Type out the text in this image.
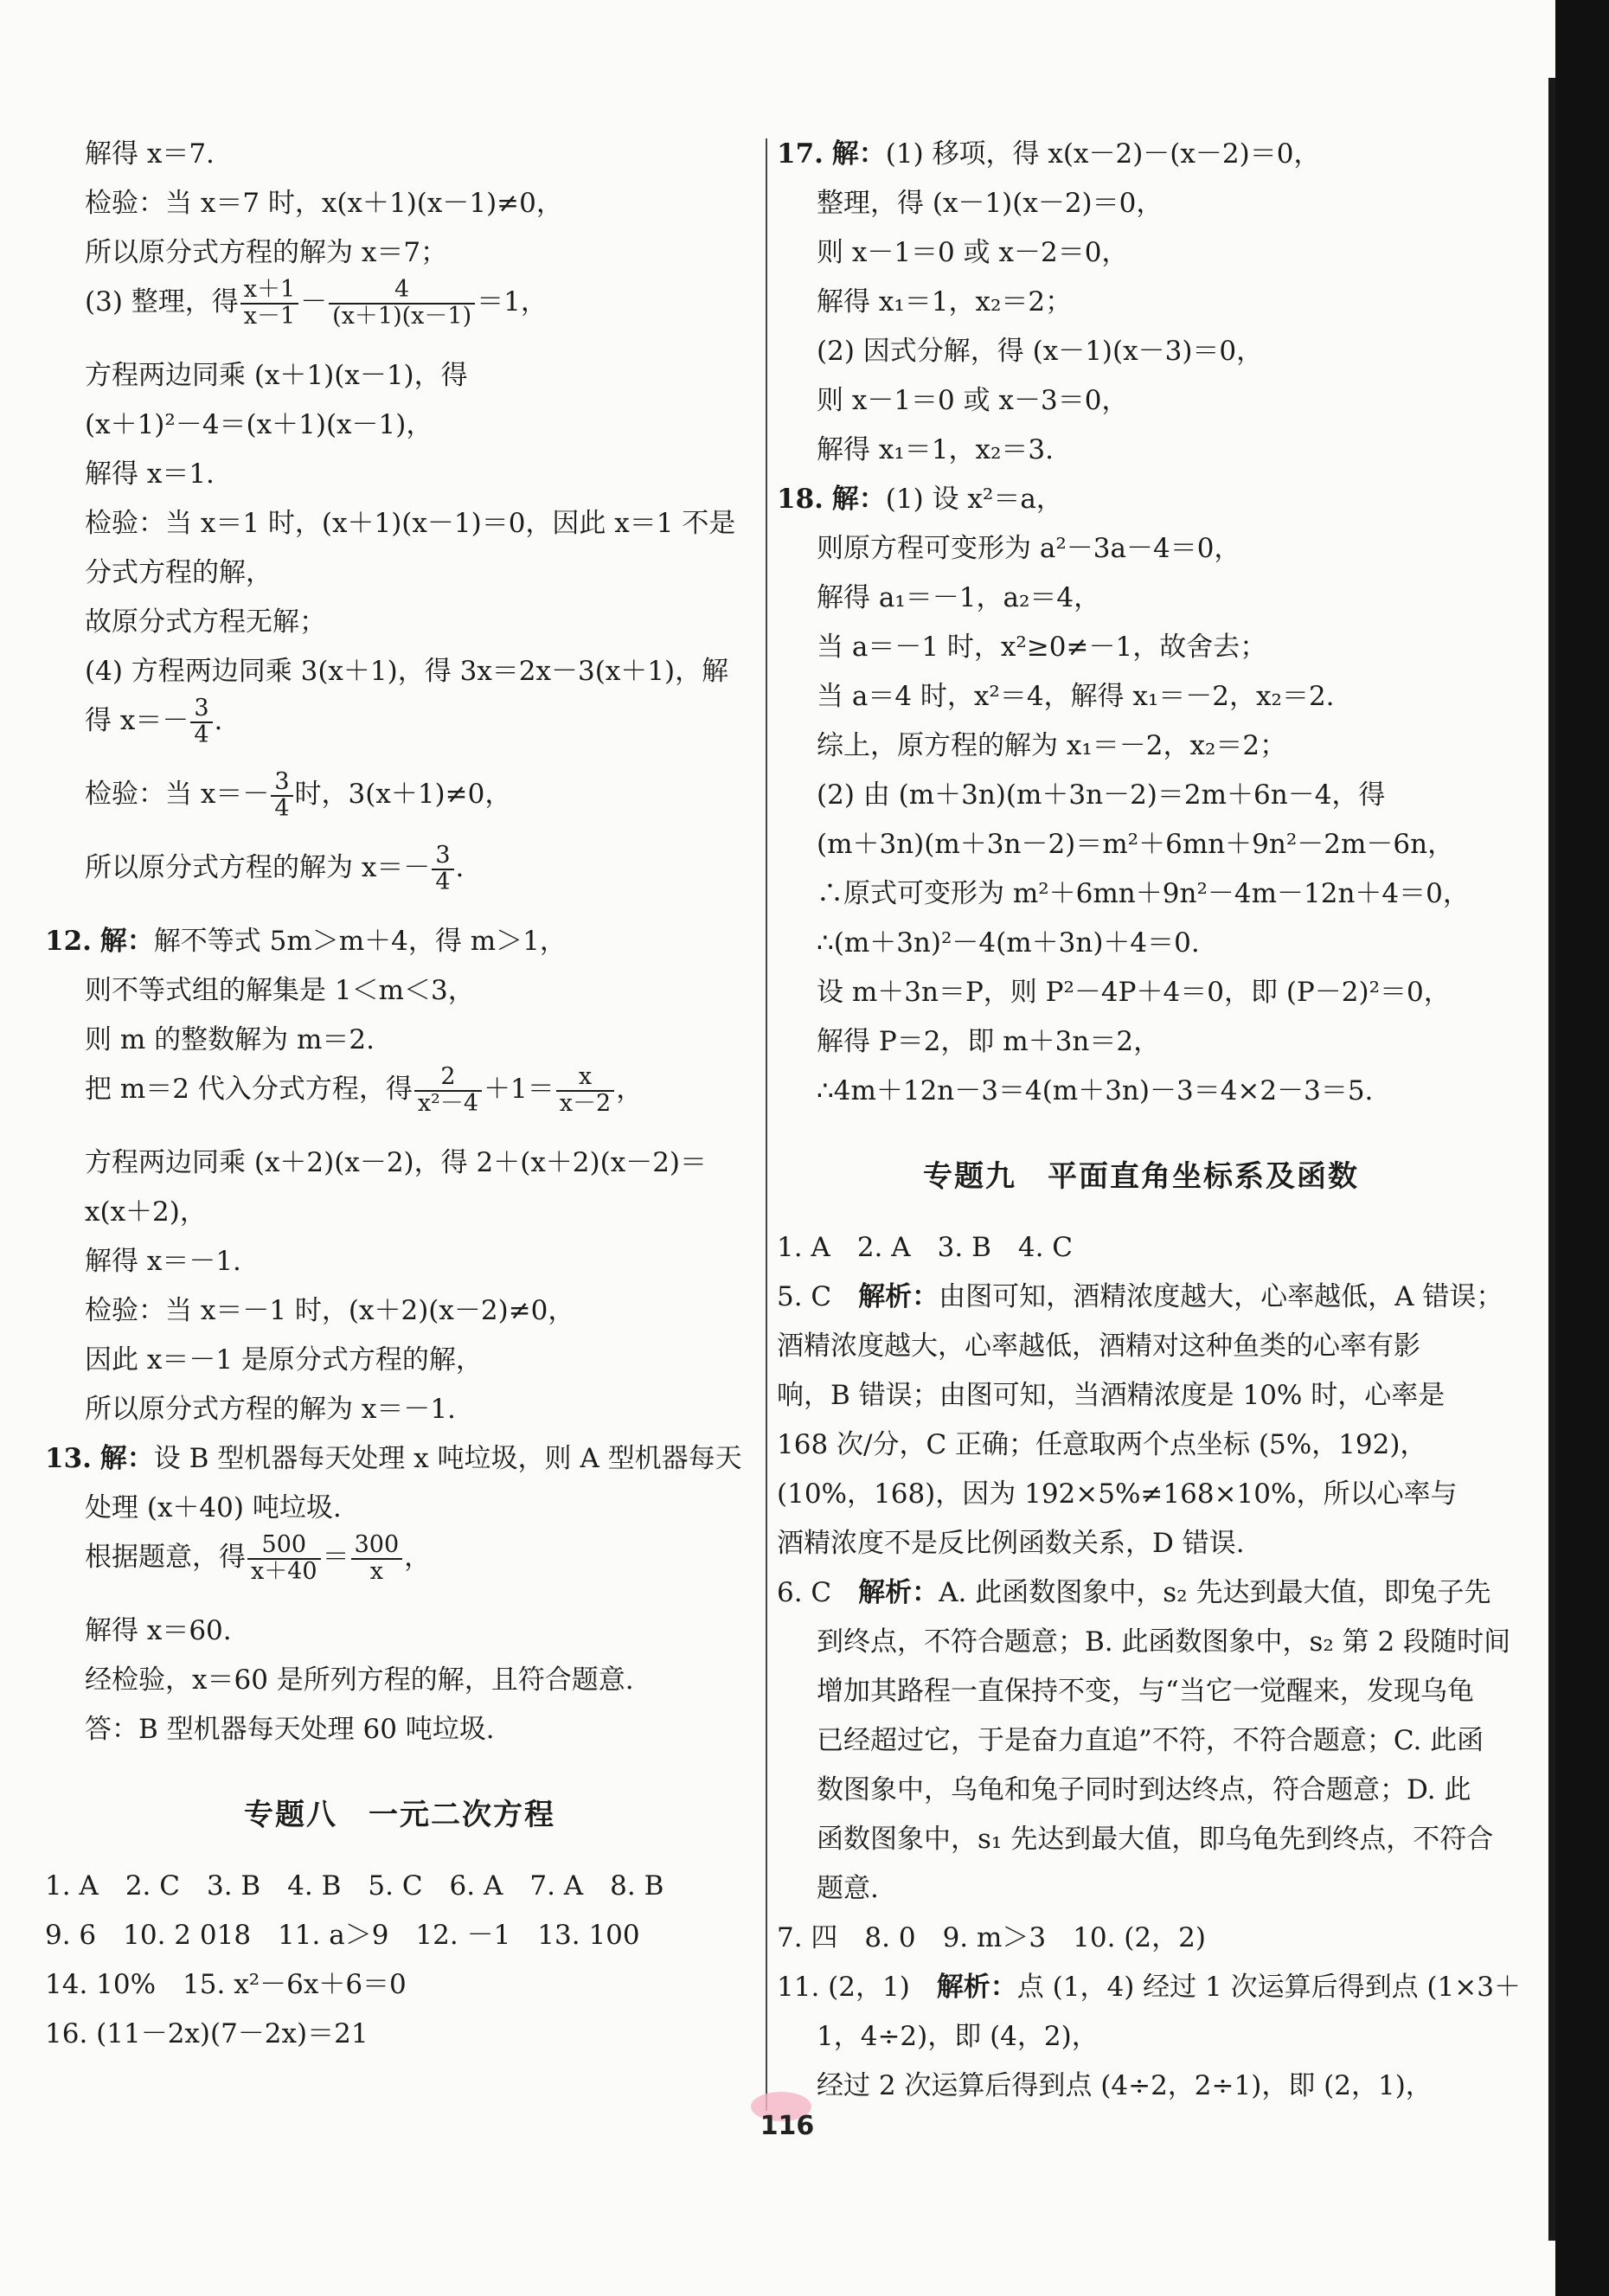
解得 x＝7.
检验：当 x＝7 时，x(x＋1)(x－1)≠0，
所以原分式方程的解为 x＝7；
(3) 整理，得 $\frac{x+1}{x-1} - \frac{4}{(x+1)(x-1)} =1$，
方程两边同乘 (x＋1)(x－1)，得
(x＋1)²－4＝(x＋1)(x－1)，
解得 x＝1.
检验：当 x＝1 时，(x＋1)(x－1)＝0，因此 x＝1 不是
分式方程的解，
故原分式方程无解；
(4) 方程两边同乘 3(x＋1)，得 3x＝2x－3(x＋1)，解
得 $x=- \frac{3}{4}$ .
检验：当 $x=- \frac{3}{4}$ 时，3(x＋1)≠0，
所以原分式方程的解为 $x=- \frac{3}{4}$ .
12. 解：解不等式 5m＞m＋4，得 m＞1，
则不等式组的解集是 1＜m＜3，
则 m 的整数解为 m＝2.
把 m＝2 代入分式方程，得 $\frac{2}{\text{x²－4}} +1= \frac{x}{x-2}$ ，
方程两边同乘 (x＋2)(x－2)，得 2＋(x＋2)(x－2)＝
x(x＋2)，
解得 x＝－1.
检验：当 x＝－1 时，(x＋2)(x－2)≠0，
因此 x＝－1 是原分式方程的解，
所以原分式方程的解为 x＝－1.
13. 解：设 B 型机器每天处理 x 吨垃圾，则 A 型机器每天
处理 (x＋40) 吨垃圾.
根据题意，得 $\frac{500}{x+40} = \frac{300}{x}$ ，
解得 x＝60.
经检验，x＝60 是所列方程的解，且符合题意.
答：B 型机器每天处理 60 吨垃圾.
专题八　一元二次方程
1. A　2. C　3. B　4. B　5. C　6. A　7. A　8. B
9. 6　10. 2 018　11. a＞9　12. －1　13. 100
14. 10%　15. x²－6x＋6＝0
16. (11－2x)(7－2x)＝21
17. 解：(1) 移项，得 x(x－2)－(x－2)＝0，
整理，得 (x－1)(x－2)＝0，
则 x－1＝0 或 x－2＝0，
解得 x₁＝1，x₂＝2；
(2) 因式分解，得 (x－1)(x－3)＝0，
则 x－1＝0 或 x－3＝0，
解得 x₁＝1，x₂＝3.
18. 解：(1) 设 x²＝a，
则原方程可变形为 a²－3a－4＝0，
解得 a₁＝－1，a₂＝4，
当 a＝－1 时，x²≥0≠－1，故舍去；
当 a＝4 时，x²＝4，解得 x₁＝－2，x₂＝2.
综上，原方程的解为 x₁＝－2，x₂＝2；
(2) 由 (m＋3n)(m＋3n－2)＝2m＋6n－4，得
(m＋3n)(m＋3n－2)＝m²＋6mn＋9n²－2m－6n，
∴原式可变形为 m²＋6mn＋9n²－4m－12n＋4＝0，
∴(m＋3n)²－4(m＋3n)＋4＝0.
设 m＋3n＝P，则 P²－4P＋4＝0，即 (P－2)²＝0，
解得 P＝2，即 m＋3n＝2，
∴4m＋12n－3＝4(m＋3n)－3＝4×2－3＝5.
专题九　平面直角坐标系及函数
1. A　2. A　3. B　4. C
5. C　 解析：由图可知，酒精浓度越大，心率越低，A 错误；
酒精浓度越大，心率越低，酒精对这种鱼类的心率有影
响，B 错误；由图可知，当酒精浓度是 10% 时，心率是
168 次/分，C 正确；任意取两个点坐标 (5%，192)，
(10%，168)，因为 192×5%≠168×10%，所以心率与
酒精浓度不是反比例函数关系，D 错误.
6. C　 解析：A. 此函数图象中，s₂ 先达到最大值，即兔子先
到终点，不符合题意；B. 此函数图象中，s₂ 第 2 段随时间
增加其路程一直保持不变，与“当它一觉醒来，发现乌龟
已经超过它，于是奋力直追”不符，不符合题意；C. 此函
数图象中，乌龟和兔子同时到达终点，符合题意；D. 此
函数图象中，s₁ 先达到最大值，即乌龟先到终点，不符合
题意.
7. 四　8. 0　9. m＞3　10. (2，2)
11. (2，1)　 解析：点 (1，4) 经过 1 次运算后得到点 (1×3＋
1，4÷2)，即 (4，2)，
经过 2 次运算后得到点 (4÷2，2÷1)，即 (2，1)，
116
